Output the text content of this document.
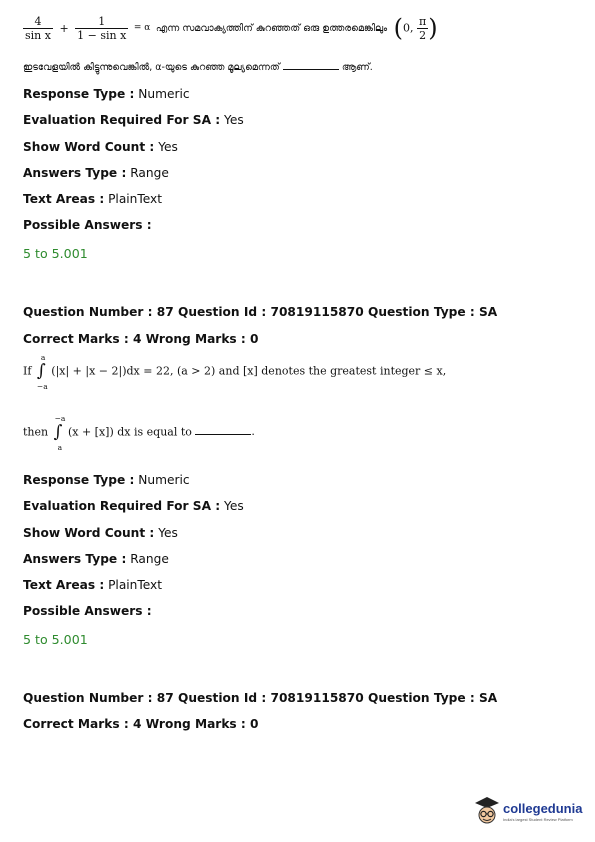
$\frac{4}{\text{sin x}} + \frac{1}{\text{1 − sin x}} = \alpha$ എന്ന സമവാക്യത്തിന് കുറഞ്ഞത് ഒരു ഉത്തരമെങ്കിലും (0, $\frac{\pi}{2}$ )
ഇടവേളയിൽ കിട്ടുന്നുവെങ്കിൽ, α-യുടെ കുറഞ്ഞ മൂല്യമെന്നത്	ആണ്.
Response Type : Numeric
Evaluation Required For SA : Yes
Show Word Count : Yes
Answers Type : Range
Text Areas : PlainText
Possible Answers :
5 to 5.001
Question Number : 87 Question Id : 70819115870 Question Type : SA
Correct Marks : 4 Wrong Marks : 0
If ∫
a
−a
(|x| + |x − 2|)dx = 22, (a > 2) and [x] denotes the greatest integer ≤ x,
then ∫
−a
a
(x + [x]) dx is equal to	.
Response Type : Numeric
Evaluation Required For SA : Yes
Show Word Count : Yes
Answers Type : Range
Text Areas : PlainText
Possible Answers :
5 to 5.001
Question Number : 87 Question Id : 70819115870 Question Type : SA
Correct Marks : 4 Wrong Marks : 0
collegedunia
India's largest Student Review Platform
